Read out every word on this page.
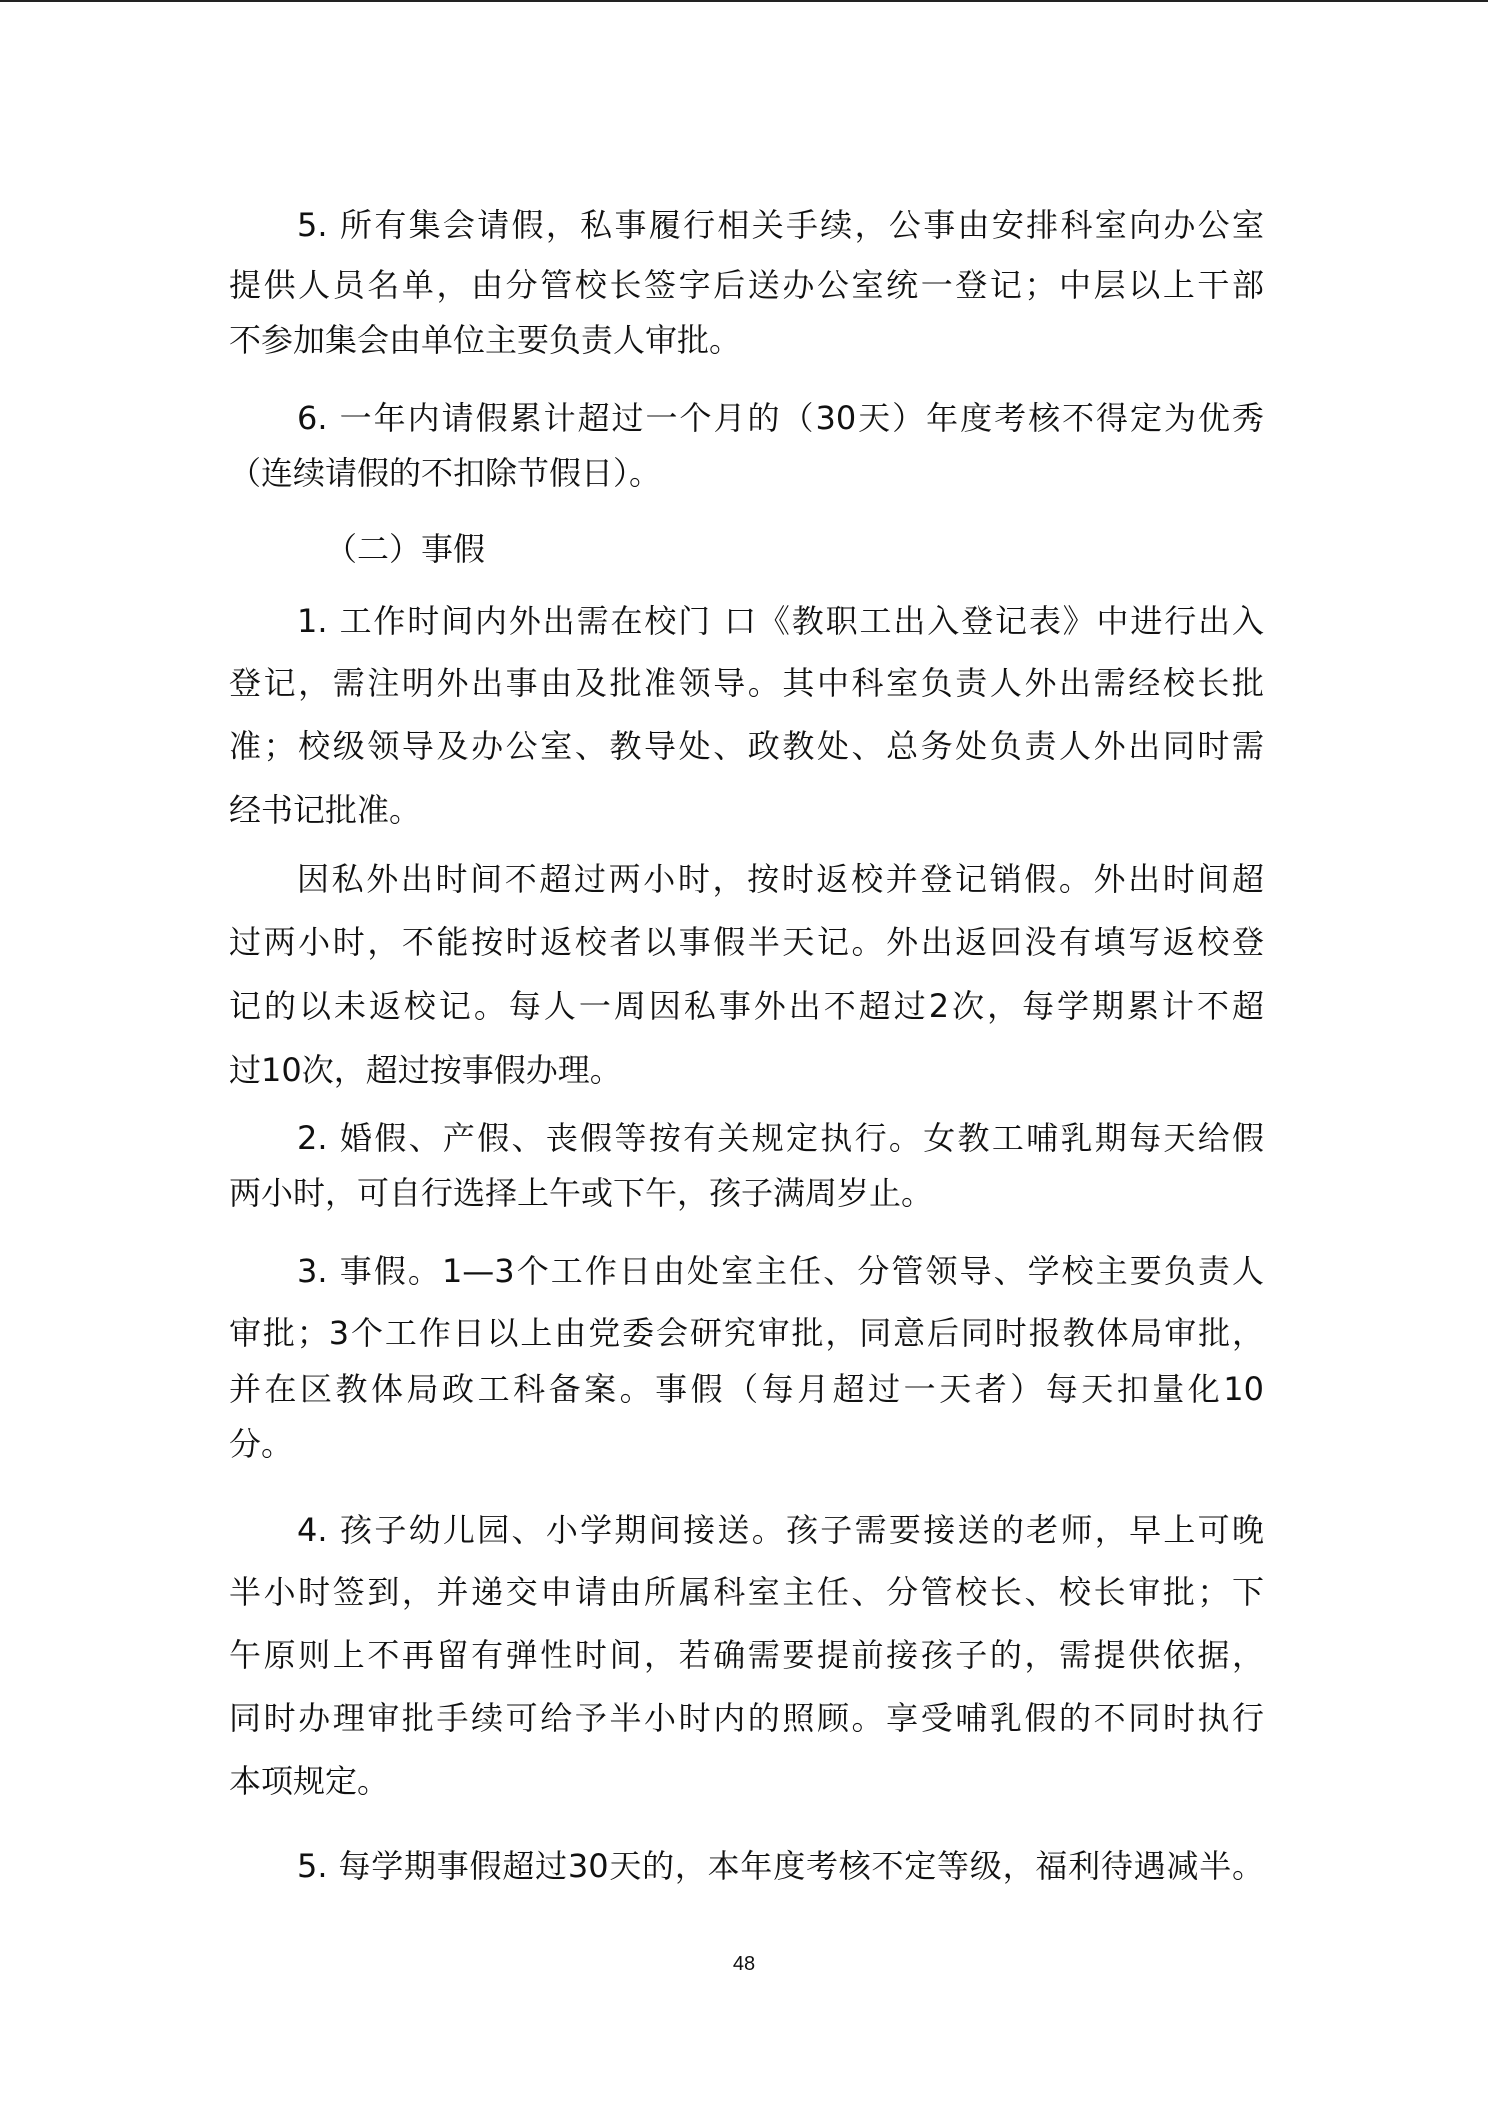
5. 所有集会请假，私事履行相关手续，公事由安排科室向办公室
提供人员名单，由分管校长签字后送办公室统一登记；中层以上干部
不参加集会由单位主要负责人审批。
6. 一年内请假累计超过一个月的（30天）年度考核不得定为优秀
（连续请假的不扣除节假日）。
（二）事假
1. 工作时间内外出需在校门 口《教职工出入登记表》中进行出入
登记，需注明外出事由及批准领导。其中科室负责人外出需经校长批
准；校级领导及办公室、教导处、政教处、总务处负责人外出同时需
经书记批准。
因私外出时间不超过两小时，按时返校并登记销假。外出时间超
过两小时，不能按时返校者以事假半天记。外出返回没有填写返校登
记的以未返校记。每人一周因私事外出不超过2次，每学期累计不超
过10次，超过按事假办理。
2. 婚假、产假、丧假等按有关规定执行。女教工哺乳期每天给假
两小时，可自行选择上午或下午，孩子满周岁止。
3. 事假。1—3个工作日由处室主任、分管领导、学校主要负责人
审批；3个工作日以上由党委会研究审批，同意后同时报教体局审批，
并在区教体局政工科备案。事假（每月超过一天者）每天扣量化10
分。
4. 孩子幼儿园、小学期间接送。孩子需要接送的老师，早上可晚
半小时签到，并递交申请由所属科室主任、分管校长、校长审批；下
午原则上不再留有弹性时间，若确需要提前接孩子的，需提供依据，
同时办理审批手续可给予半小时内的照顾。享受哺乳假的不同时执行
本项规定。
5. 每学期事假超过30天的，本年度考核不定等级，福利待遇减半。
48
